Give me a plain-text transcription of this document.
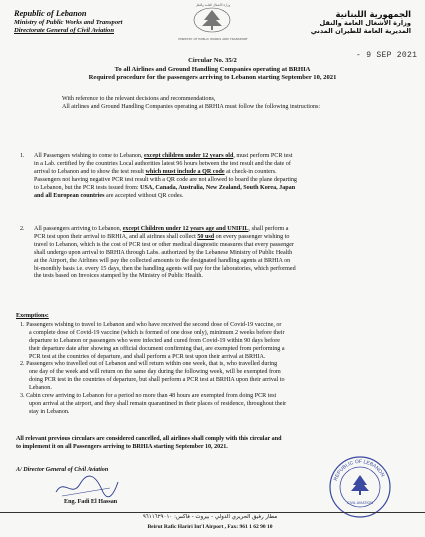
Republic of Lebanon
Ministry of Public Works and Transport
Directorate General of Civil Aviation
وزارة الأشغال العامة والنقل
MINISTRY OF PUBLIC WORKS AND TRANSPORT
الجمهورية اللبنانية
وزارة الأشغال العامة والنقل
المديرية العامة للطيران المدني
- 9 SEP 2021
Circular No. 35/2
To all Airlines and Ground Handling Companies operating at BRHIA
Required procedure for the passengers arriving to Lebanon starting September 10, 2021
With reference to the relevant decisions and recommendations,
All airlines and Ground Handling Companies operating at BRHIA must follow the following instructions:
1. All Passengers wishing to come to Lebanon, except children under 12 years old, must perform PCR test
in a Lab. certified by the countries Local authorities latest 96 hours between the test result and the date of
arrival to Lebanon and to show the test result which must include a QR code at check-in counters.
Passengers not having negative PCR test result with a QR code are not allowed to board the plane departing
to Lebanon, but the PCR tests issued from: USA, Canada, Australia, New Zealand, South Korea, Japan
and all European countries are accepted without QR codes.
2. All passengers arriving to Lebanon, except Children under 12 years age and UNIFIL, shall perform a
PCR test upon their arrival to BRHIA, and all airlines shall collect 50 usd on every passenger wishing to
travel to Lebanon, which is the cost of PCR test or other medical diagnostic measures that every passenger
shall undergo upon arrival to BRHIA through Labs. authorized by the Lebanese Ministry of Public Health
at the Airport, the Airlines will pay the collected amounts to the designated handling agents at BRHIA on
bi-monthly basis i.e. every 15 days, then the handling agents will pay for the laboratories, which performed
the tests based on Invoices stamped by the Ministry of Public Health.
Exemptions:
1. Passengers wishing to travel to Lebanon and who have received the second dose of Covid-19 vaccine, or
a complete dose of Covid-19 vaccine (which is formed of one dose only), minimum 2 weeks before their
departure to Lebanon or passengers who were infected and cured from Covid-19 within 90 days before
their departure date after showing an official document confirming that, are exempted from performing a
PCR test at the countries of departure, and shall perform a PCR test upon their arrival at BRHIA.
2. Passengers who travelled out of Lebanon and will return within one week, that is, who travelled during
one day of the week and will return on the same day during the following week, will be exempted from
doing PCR test in the countries of departure, but shall perform a PCR test at BRHIA upon their arrival to
Lebanon.
3. Cabin crew arriving to Lebanon for a period no more than 48 hours are exempted from doing PCR test
upon arrival at the airport, and they shall remain quarantined in their places of residence, throughout their
stay in Lebanon.
All relevant previous circulars are considered cancelled, all airlines shall comply with this circular and
to implement it on all Passengers arriving to BRHIA starting September 10, 2021.
A/ Director General of Civil Aviation
Eng. Fadi El Hassan
REPUBLIC OF LEBANON
CIVIL AVIATION
مطار رفيق الحريري الدولي - بيروت - فاكس: ٩٦١١٦٢٩٠١٠
Beirut Rafic Hariri Int'l Airport , Fax: 961 1 62 90 10
